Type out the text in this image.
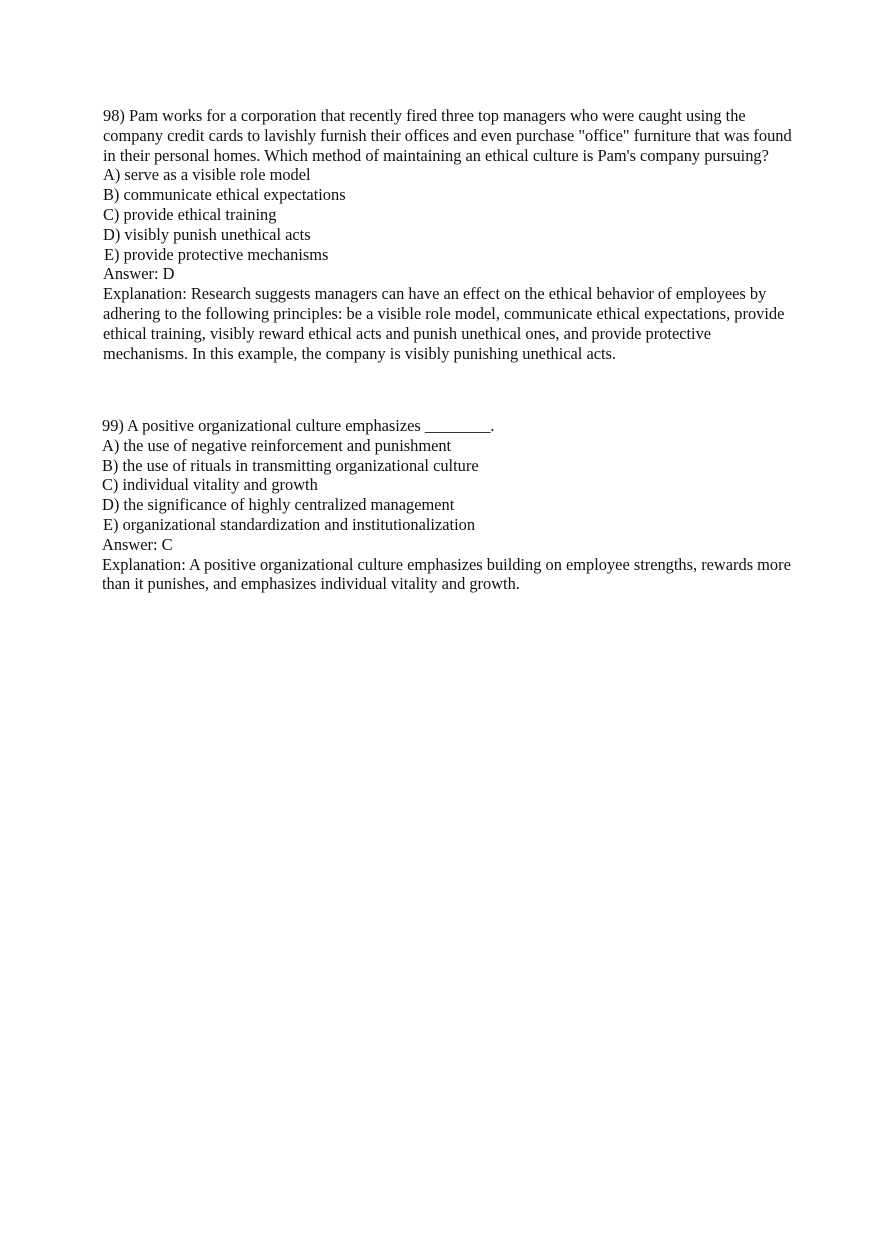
98) Pam works for a corporation that recently fired three top managers who were caught using the company credit cards to lavishly furnish their offices and even purchase "office" furniture that was found in their personal homes. Which method of maintaining an ethical culture is Pam's company pursuing?
A) serve as a visible role model
B) communicate ethical expectations
C) provide ethical training
D) visibly punish unethical acts
E) provide protective mechanisms
Answer: D
Explanation: Research suggests managers can have an effect on the ethical behavior of employees by adhering to the following principles: be a visible role model, communicate ethical expectations, provide ethical training, visibly reward ethical acts and punish unethical ones, and provide protective mechanisms. In this example, the company is visibly punishing unethical acts.
99) A positive organizational culture emphasizes ________.
A) the use of negative reinforcement and punishment
B) the use of rituals in transmitting organizational culture
C) individual vitality and growth
D) the significance of highly centralized management
E) organizational standardization and institutionalization
Answer: C
Explanation: A positive organizational culture emphasizes building on employee strengths, rewards more than it punishes, and emphasizes individual vitality and growth.
